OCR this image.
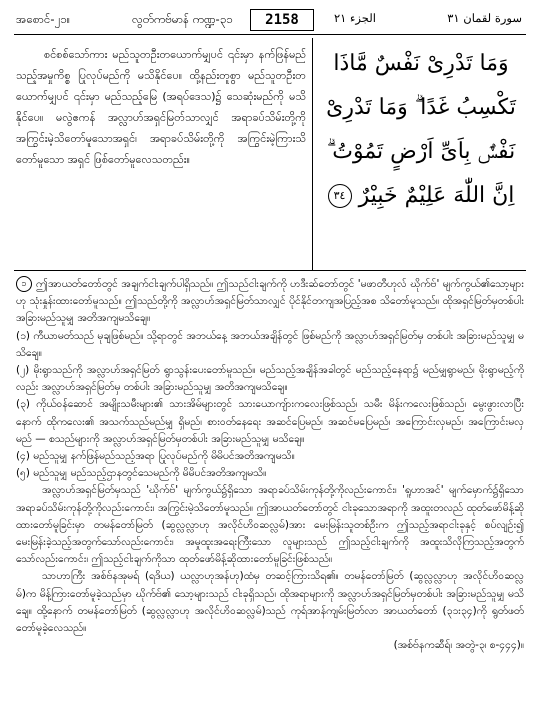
အစောင်-၂၁။	လွတ်ကဗ်မာန် ကဏ္ဍ-၃၁	2158	الجزء ٢١	سورة لقمان ٣١

စင်စစ်သော်ကား မည်သူတဦးတယောက်မျှပင် ၎င်းမှာ နက်ဖြန်မည်သည့်အမှုကိစ္စ ပြုလုပ်မည်ကို မသိနိုင်ပေ။ ထို့နည်းတူစွာ မည်သူတဦးတယောက်မျှပင် ၎င်းမှာ မည်သည့်မြေ (အရပ်ဒေသ)၌ သေဆုံးမည်ကို မသိနိုင်ပေ။ မလွဲဧကန် အလ္လာဟ်အရှင်မြတ်သာလျှင် အရာခပ်သိမ်းတို့ကို အကြွင်းမဲ့သိတော်မူသောအရှင်၊ အရာခပ်သိမ်းတို့ကို အကြွင်းမဲ့ကြားသိတော်မူသော အရှင် ဖြစ်တော်မူလေသတည်း။

وَمَا تَدْرِىْ نَفْسٌ مَّاذَا
تَكْسِبُ غَدًا ۗ وَمَا تَدْرِىْ
نَفْسٌۢ بِاَىِّ اَرْضٍ تَمُوْتُ ۗ
اِنَّ اللّٰهَ عَلِيْمٌ خَبِيْرٌ ٣٤

၁ ဤအာယတ်တော်တွင် အချက်ငါးချက်ပါရှိသည်။ ဤသည်ငါးချက်ကို ဟဒီးဆ်တော်တွင် 'မဖာတီဟုလ် ဃိုက်ဗ်' မျက်ကွယ်၏သော့များ ဟု သုံးနှုန်းထားတော်မူသည်။ ဤသည်တို့ကို အလ္လာဟ်အရှင်မြတ်သာလျှင် ပိုင်နိုင်တကျအပြည့်အစ သိတော်မူသည်။ ထိုအရှင်မြတ်မှတစ်ပါး အခြားမည်သူမျှ အတိအကျမသိချေ။

(၁) ကီယာမတ်သည် မုချဖြစ်မည်။ သို့ရာတွင် အဘယ်နေ့ အဘယ်အချိန်တွင် ဖြစ်မည်ကို အလ္လာဟ်အရှင်မြတ်မှ တစ်ပါး အခြားမည်သူမျှ မသိချေ။

(၂) မိုးရွာသည်ကို အလ္လာဟ်အရှင်မြတ် ရွာသွန်းပေးတော်မူသည်။ မည်သည့်အချိန်အခါတွင် မည်သည့်နေရာ၌ မည်မျှရွာမည်၊ မိုးရွာမည့်ကိုလည်း အလ္လာဟ်အရှင်မြတ်မှ တစ်ပါး အခြားမည်သူမျှ အတိအကျမသိချေ။

(၃) ကိုယ်ဝန်ဆောင် အမျိုးသမီးများ၏ သားအိမ်များတွင် သားယောကျ်ားကလေးဖြစ်သည်၊ သမီး မိန်းကလေးဖြစ်သည်၊ မွေးဖွားလာပြီးနောက် ထိုကလေး၏ အသက်သည်မည်မျှ ရှိမည်၊ စားဝတ်နေရေး အဆင်ပြေမည်၊ အဆင်မပြေမည်၊ အကြောင်းလှမည်၊ အကြောင်းမလှမည် — စသည်များကို အလ္လာဟ်အရှင်မြတ်မှတစ်ပါး အခြားမည်သူမျှ မသိချေ။

(၄) မည်သူမျှ နက်ဖြန်မည်သည့်အရာ ပြုလုပ်မည်ကို မိမိပင်အတိအကျမသိ။

(၅) မည်သူမျှ မည်သည့်ဌာနတွင်သေမည်ကို မိမိပင်အတိအကျမသိ။

အလ္လာဟ်အရှင်မြတ်မှသည် 'ဃိုက်ဗ်' မျက်ကွယ်၌ရှိသော အရာခပ်သိမ်းကုန်တို့ကိုလည်းကောင်း၊ 'ရူဟာအင်' မျက်မှောက်၌ရှိသော အရာခပ်သိမ်းကုန်တို့ကိုလည်းကောင်း၊ အကြွင်းမဲ့သိတော်မူသည်။ ဤအာယတ်တော်တွင် ငါးခုသောအရာကို အထူးတလည် ထုတ်ဖော်မိန့်ဆိုထားတော်မူခြင်းမှာ တမန်တော်မြတ် (ဆွလ္လလ္လာဟု အလိုင်ဟိဝဆလ္လမ်)အား မေးမြန်းသူတစ်ဦးက ဤသည့်အရာငါးခုနှင့် စပ်လျဉ်း၍ မေးမြန်းခဲ့သည့်အတွက်သော်လည်းကောင်း၊ အမှုထူးအရေးကြီးသော လူများသည် ဤသည့်ငါးချက်ကို အထူးသိလိုကြသည့်အတွက် သော်လည်းကောင်း၊ ဤသည့်ငါးချက်ကိုသာ ထုတ်ဖော်မိန့်ဆိုထားတော်မူခြင်းဖြစ်သည်။

သာဟာကြီး အစ်ဗ်နအုမရ် (ရဒိယ) ယလ္လာဟုအန်ဟု)ထံမှ တဆင့်ကြားသိရ၏။ တမန်တော်မြတ် (ဆွလ္လလ္လာဟု အလိုင်ဟိဝဆလ္လမ်)က မိန့်ကြားတော်မူခဲ့သည်မှာ ဃိုက်ဗ်၏ သော့များသည် ငါးခုရှိသည်၊ ထိုအရာများကို အလ္လာဟ်အရှင်မြတ်မှတစ်ပါး အခြားမည်သူမျှ မသိချေ။ ထို့နောက် တမန်တော်မြတ် (ဆွလ္လလ္လာဟု အလိုင်ဟိဝဆလ္လမ်)သည် ကုရ်အာန်ကျမ်းမြတ်လာ အာယတ်တော် (၃၁း၃၄)ကို ရွတ်ဖတ်တော်မူခဲ့လေသည်။

(အစ်ဗ်နကဆီရ်၊ အတွဲ-၃၊ စ-၄၄၄)။
